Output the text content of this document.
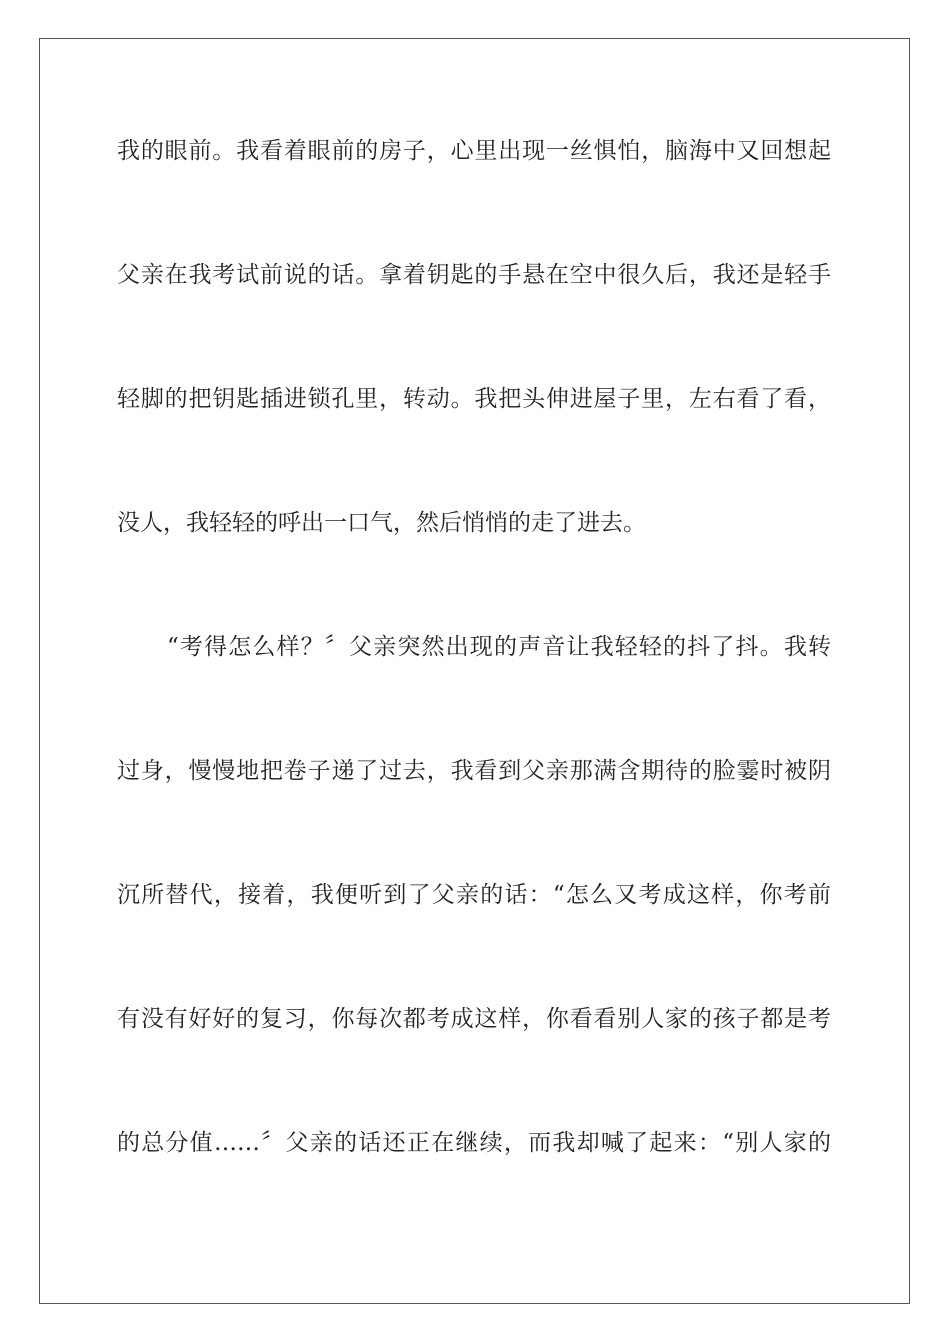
我的眼前。我看着眼前的房子，心里出现一丝惧怕，脑海中又回想起
父亲在我考试前说的话。拿着钥匙的手悬在空中很久后，我还是轻手
轻脚的把钥匙插进锁孔里，转动。我把头伸进屋子里，左右看了看，
没人，我轻轻的呼出一口气，然后悄悄的走了进去。
“考得怎么样？〞父亲突然出现的声音让我轻轻的抖了抖。我转
过身，慢慢地把卷子递了过去，我看到父亲那满含期待的脸霎时被阴
沉所替代，接着，我便听到了父亲的话：“怎么又考成这样，你考前
有没有好好的复习，你每次都考成这样，你看看别人家的孩子都是考
的总分值……〞父亲的话还正在继续，而我却喊了起来：“别人家的
